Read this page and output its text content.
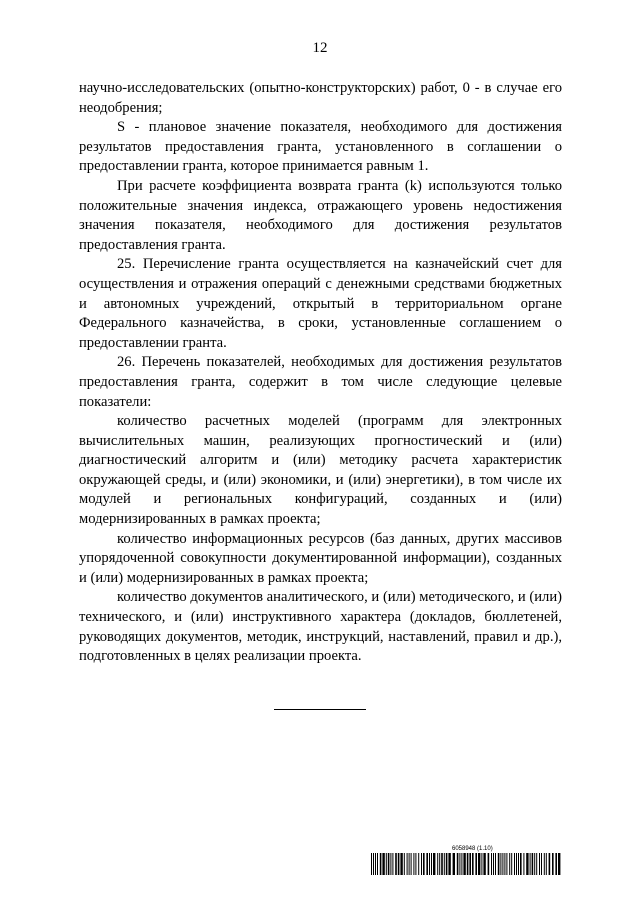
12

научно-исследовательских (опытно-конструкторских) работ, 0 - в случае его неодобрения;

S - плановое значение показателя, необходимого для достижения результатов предоставления гранта, установленного в соглашении о предоставлении гранта, которое принимается равным 1.

При расчете коэффициента возврата гранта (k) используются только положительные значения индекса, отражающего уровень недостижения значения показателя, необходимого для достижения результатов предоставления гранта.

25. Перечисление гранта осуществляется на казначейский счет для осуществления и отражения операций с денежными средствами бюджетных и автономных учреждений, открытый в территориальном органе Федерального казначейства, в сроки, установленные соглашением о предоставлении гранта.

26. Перечень показателей, необходимых для достижения результатов предоставления гранта, содержит в том числе следующие целевые показатели:

количество расчетных моделей (программ для электронных вычислительных машин, реализующих прогностический и (или) диагностический алгоритм и (или) методику расчета характеристик окружающей среды, и (или) экономики, и (или) энергетики), в том числе их модулей и региональных конфигураций, созданных и (или) модернизированных в рамках проекта;

количество информационных ресурсов (баз данных, других массивов упорядоченной совокупности документированной информации), созданных и (или) модернизированных в рамках проекта;

количество документов аналитического, и (или) методического, и (или) технического, и (или) инструктивного характера (докладов, бюллетеней, руководящих документов, методик, инструкций, наставлений, правил и др.), подготовленных в целях реализации проекта.

6058948 (1.10)
